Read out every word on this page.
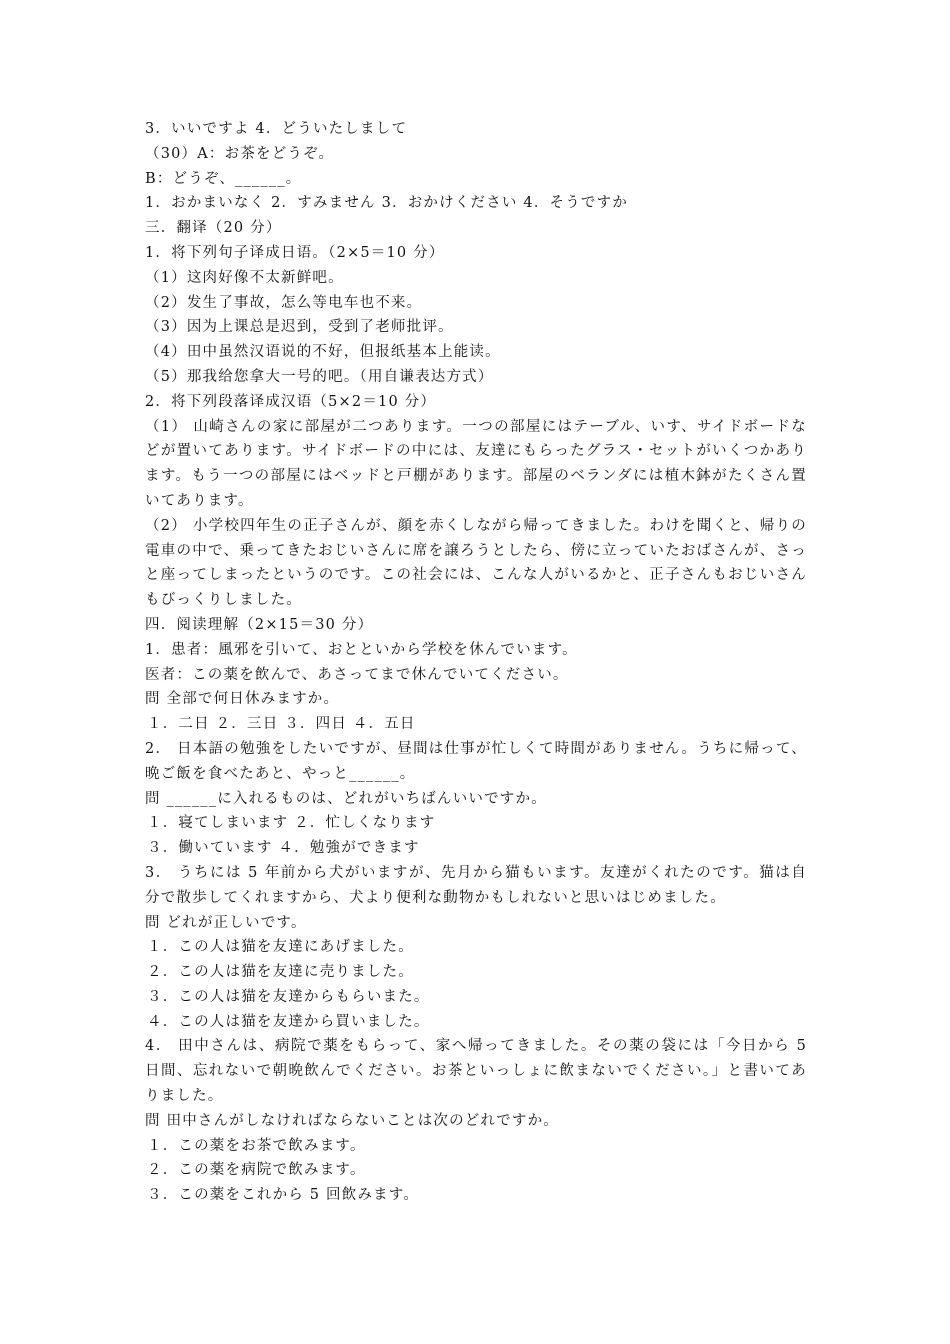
3．いいですよ 4．どういたしまして
（30）A：お茶をどうぞ。
B：どうぞ、______。
1．おかまいなく 2．すみません 3．おかけください 4．そうですか
三．翻译（20 分）
1．将下列句子译成日语。（2×5＝10 分）
（1）这肉好像不太新鲜吧。
（2）发生了事故，怎么等电车也不来。
（3）因为上课总是迟到，受到了老师批评。
（4）田中虽然汉语说的不好，但报纸基本上能读。
（5）那我给您拿大一号的吧。（用自谦表达方式）
2．将下列段落译成汉语（5×2＝10 分）
（1） 山崎さんの家に部屋が二つあります。一つの部屋にはテーブル、いす、サイドボードなどが置いてあります。サイドボードの中には、友達にもらったグラス・セットがいくつかあります。もう一つの部屋にはベッドと戸棚があります。部屋のベランダには植木鉢がたくさん置いてあります。
（2） 小学校四年生の正子さんが、顔を赤くしながら帰ってきました。わけを聞くと、帰りの電車の中で、乗ってきたおじいさんに席を譲ろうとしたら、傍に立っていたおばさんが、さっと座ってしまったというのです。この社会には、こんな人がいるかと、正子さんもおじいさんもびっくりしました。
四．阅读理解（2×15＝30 分）
1．患者：風邪を引いて、おとといから学校を休んでいます。
医者：この薬を飲んで、あさってまで休んでいてください。
問 全部で何日休みますか。
１．二日 ２．三日 ３．四日 ４．五日
2． 日本語の勉強をしたいですが、昼間は仕事が忙しくて時間がありません。うちに帰って、晩ご飯を食べたあと、やっと______。
問 ______に入れるものは、どれがいちばんいいですか。
１．寝てしまいます ２．忙しくなります
３．働いています ４．勉強ができます
3． うちには 5 年前から犬がいますが、先月から猫もいます。友達がくれたのです。猫は自分で散歩してくれますから、犬より便利な動物かもしれないと思いはじめました。
問 どれが正しいです。
１．この人は猫を友達にあげました。
２．この人は猫を友達に売りました。
３．この人は猫を友達からもらいまた。
４．この人は猫を友達から買いました。
4． 田中さんは、病院で薬をもらって、家へ帰ってきました。その薬の袋には「今日から 5 日間、忘れないで朝晩飲んでください。お茶といっしょに飲まないでください。」と書いてありました。
問 田中さんがしなければならないことは次のどれですか。
１．この薬をお茶で飲みます。
２．この薬を病院で飲みます。
３．この薬をこれから 5 回飲みます。
